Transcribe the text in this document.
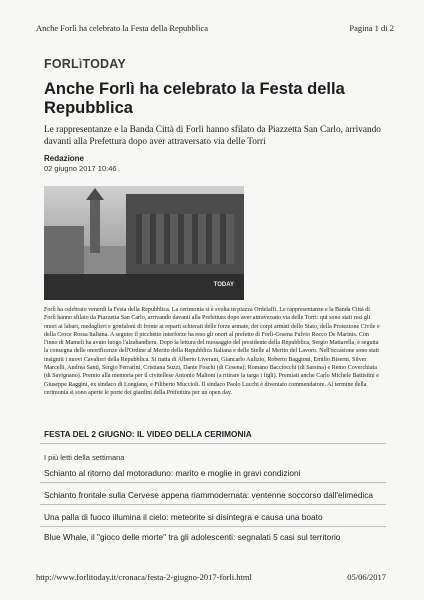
Anche Forlì ha celebrato la Festa della Repubblica	Pagina 1 di 2
FORLìTODAY
Anche Forlì ha celebrato la Festa della Repubblica
Le rappresentanze e la Banda Città di Forlì hanno sfilato da Piazzetta San Carlo, arrivando davanti alla Prefettura dopo aver attraversato via delle Torri
Redazione
02 giugno 2017 10:46
TODAY
Forlì ha celebrato venerdì la Festa della Repubblica. La cerimonia si è svolta in piazza Ordelaffi. Le rappresentanze e la Banda Città di Forlì hanno sfilato da Piazzetta San Carlo, arrivando davanti alla Prefettura dopo aver attraversato via delle Torri: qui sono stati resi gli onori ai labari, medaglieri e gonfaloni di fronte ai reparti schierati delle forze armate, dei corpi armati dello Stato, della Protezione Civile e della Croce Rossa Italiana. A seguire il picchetto interforze ha reso gli onori al prefetto di Forlì-Cesena Fulvio Rocco De Marinis. Con l'inno di Mameli ha avuto luogo l'alzabandiera. Dopo la lettura del messaggio del presidente della Repubblica, Sergio Mattarella, è seguita la consegna delle onorificenze dell'Ordine al Merito della Repubblica Italiana e delle Stelle al Merito del Lavoro. Nell'occasione sono stati insigniti i nuovi Cavalieri della Repubblica. Si tratta di Alberto Liverani, Giancarlo Aulizio, Roberto Baggioni, Emilio Biserni, Silver Marcelli, Andrea Santi, Sergio Ferrarini, Cristiana Suzzi, Dante Foschi (di Cesena); Romano Bacciocchi (di Sarsina) e Remo Coverchiata (di Savignano). Premio alla memoria per il civitellese Antonio Maltoni (a ritirare la targa i figli). Premiati anche Carlo Michele Battistini e Giuseppe Raggini, ex sindaco di Longiano, e Filiberto Muccioli. Il sindaco Paolo Lucchi è diventato commendatore. Al termine della cerimonia si sono aperte le porte dei giardini della Prefettura per un open day.
FESTA DEL 2 GIUGNO: IL VIDEO DELLA CERIMONIA
I più letti della settimana
Schianto al ritorno dal motoraduno: marito e moglie in gravi condizioni
Schianto frontale sulla Cervese appena riammodernata: ventenne soccorso dall'elimedica
Una palla di fuoco illumina il cielo: meteorite si disintegra e causa una boato
Blue Whale, il "gioco delle morte" tra gli adolescenti: segnalati 5 casi sul territorio
http://www.forlitoday.it/cronaca/festa-2-giugno-2017-forli.html	05/06/2017
